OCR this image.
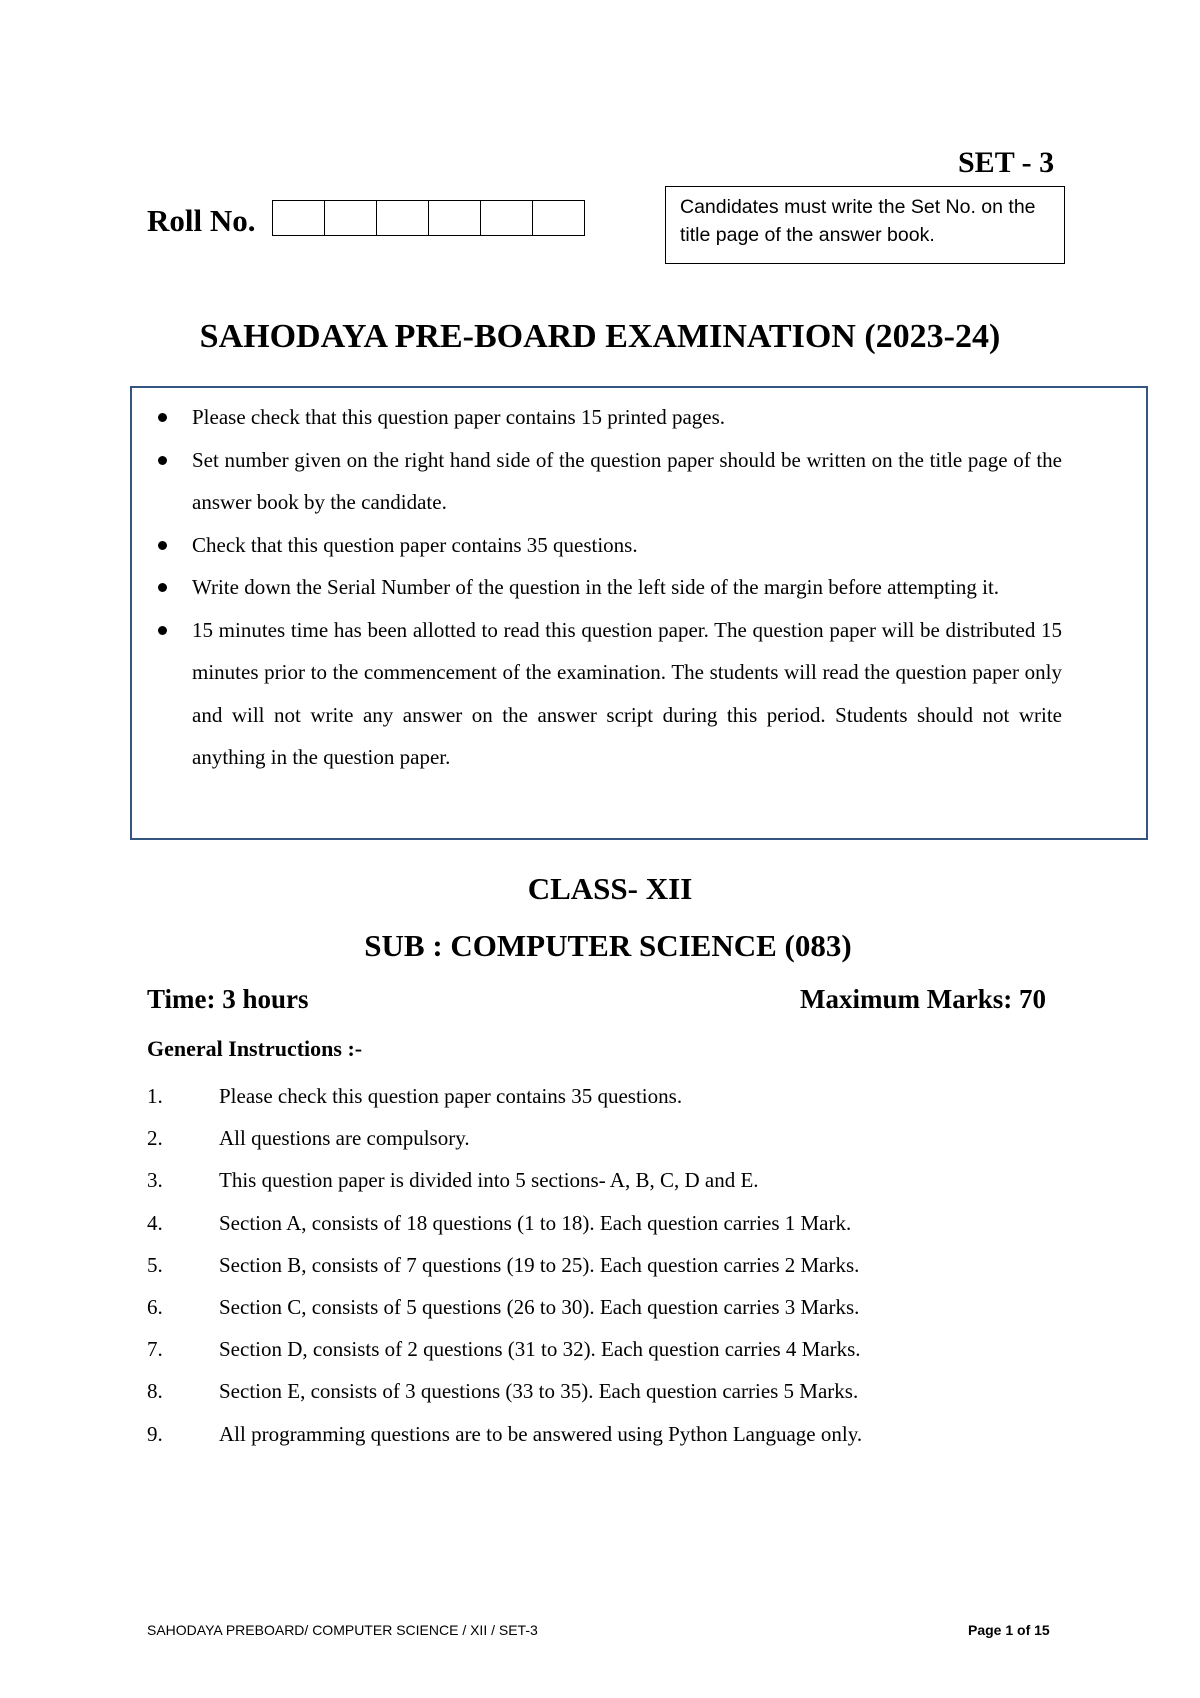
SET - 3
Roll No.	Candidates must write the Set No. on the title page of the answer book.
SAHODAYA PRE-BOARD EXAMINATION (2023-24)
Please check that this question paper contains 15 printed pages.
Set number given on the right hand side of the question paper should be written on the title page of the answer book by the candidate.
Check that this question paper contains 35 questions.
Write down the Serial Number of the question in the left side of the margin before attempting it.
15 minutes time has been allotted to read this question paper. The question paper will be distributed 15 minutes prior to the commencement of the examination. The students will read the question paper only and will not write any answer on the answer script during this period. Students should not write anything in the question paper.
CLASS- XII
SUB : COMPUTER SCIENCE (083)
Time: 3 hours	Maximum Marks: 70
General Instructions :-
1.	Please check this question paper contains 35 questions.
2.	All questions are compulsory.
3.	This question paper is divided into 5 sections- A, B, C, D and E.
4.	Section A, consists of 18 questions (1 to 18). Each question carries 1 Mark.
5.	Section B, consists of 7 questions (19 to 25). Each question carries 2 Marks.
6.	Section C, consists of 5 questions (26 to 30). Each question carries 3 Marks.
7.	Section D, consists of 2 questions (31 to 32). Each question carries 4 Marks.
8.	Section E, consists of 3 questions (33 to 35). Each question carries 5 Marks.
9.	All programming questions are to be answered using Python Language only.
SAHODAYA PREBOARD/ COMPUTER SCIENCE / XII / SET-3	Page 1 of 15
